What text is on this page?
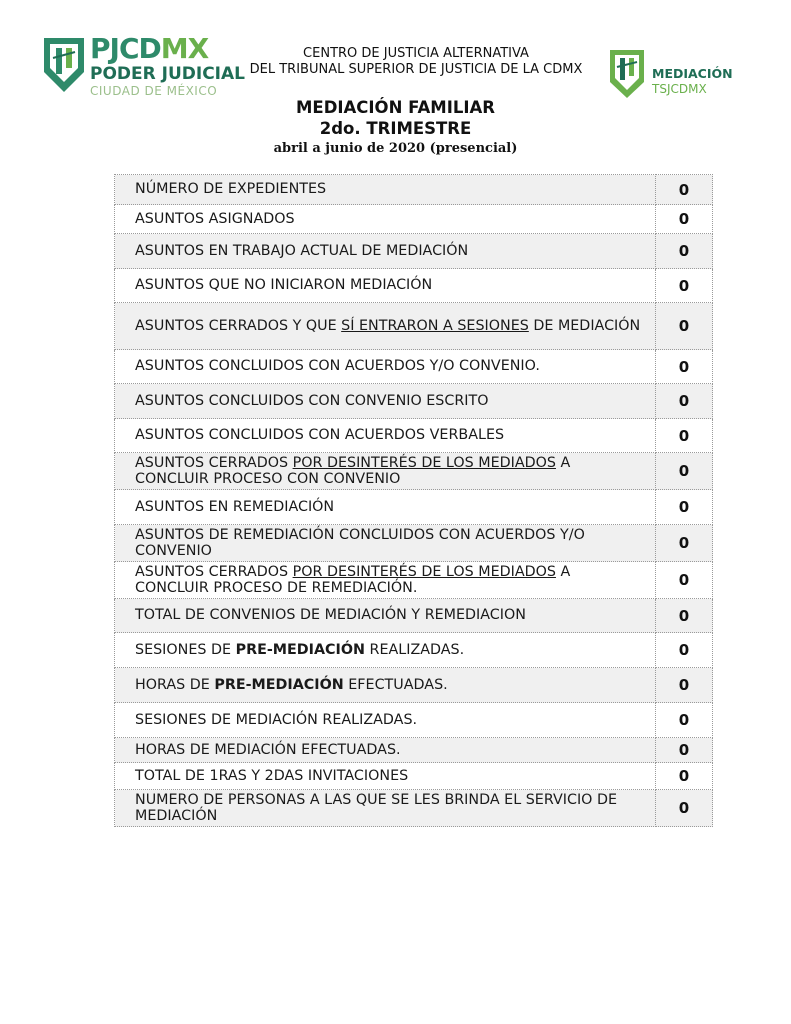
PJCDMX
PODER JUDICIAL
CIUDAD DE MÉXICO
CENTRO DE JUSTICIA ALTERNATIVA
DEL TRIBUNAL SUPERIOR DE JUSTICIA DE LA CDMX	MEDIACIÓN
TSJCDMX
MEDIACIÓN FAMILIAR
2do. TRIMESTRE
abril a junio de 2020 (presencial)
NÚMERO DE EXPEDIENTES	0
ASUNTOS ASIGNADOS	0
ASUNTOS EN TRABAJO ACTUAL DE MEDIACIÓN	0
ASUNTOS QUE NO INICIARON MEDIACIÓN	0
ASUNTOS CERRADOS Y QUE SÍ ENTRARON A SESIONES DE MEDIACIÓN	0
ASUNTOS CONCLUIDOS CON ACUERDOS Y/O CONVENIO.	0
ASUNTOS CONCLUIDOS CON CONVENIO ESCRITO	0
ASUNTOS CONCLUIDOS CON ACUERDOS VERBALES	0
ASUNTOS CERRADOS POR DESINTERÉS DE LOS MEDIADOS A CONCLUIR PROCESO CON CONVENIO	0
ASUNTOS EN REMEDIACIÓN	0
ASUNTOS DE REMEDIACIÓN CONCLUIDOS CON ACUERDOS Y/O CONVENIO	0
ASUNTOS CERRADOS POR DESINTERÉS DE LOS MEDIADOS A CONCLUIR PROCESO DE REMEDIACIÓN.	0
TOTAL DE CONVENIOS DE MEDIACIÓN Y REMEDIACION	0
SESIONES DE PRE-MEDIACIÓN REALIZADAS.	0
HORAS DE PRE-MEDIACIÓN EFECTUADAS.	0
SESIONES DE MEDIACIÓN REALIZADAS.	0
HORAS DE MEDIACIÓN EFECTUADAS.	0
TOTAL DE 1RAS Y 2DAS INVITACIONES	0
NUMERO DE PERSONAS A LAS QUE SE LES BRINDA EL SERVICIO DE MEDIACIÓN	0
